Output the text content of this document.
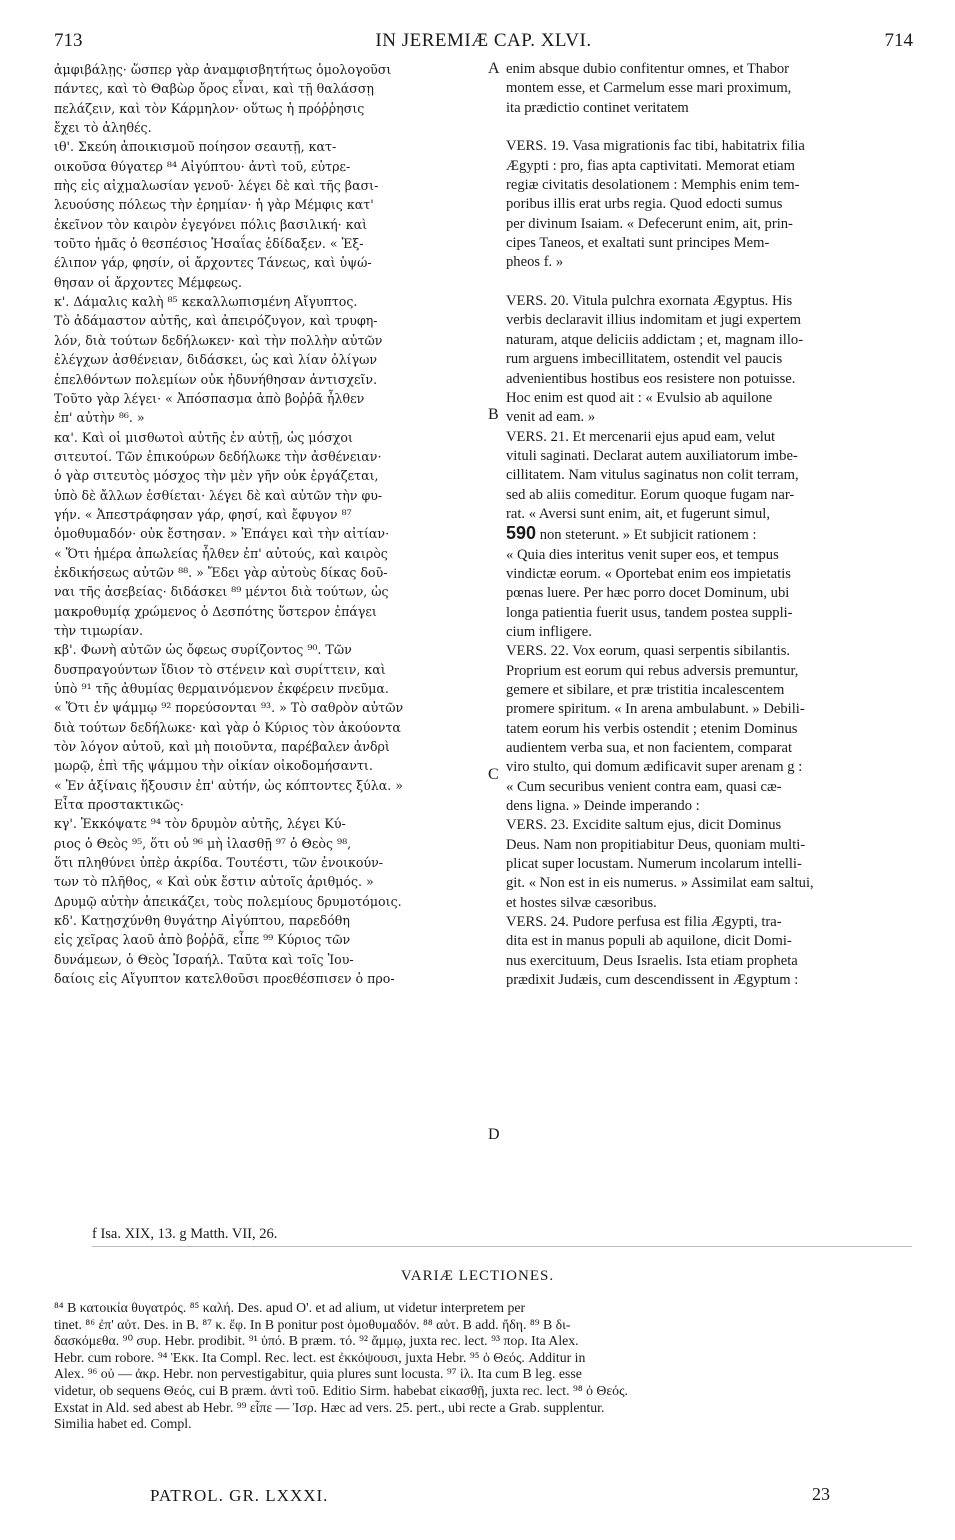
713	IN JEREMIÆ CAP. XLVI.	714

ἀμφιβάλῃς· ὥσπερ γὰρ ἀναμφισβητήτως ὁμολογοῦσι

πάντες, καὶ τὸ Θαβὼρ ὄρος εἶναι, καὶ τῇ θαλάσσῃ

πελάζειν, καὶ τὸν Κάρμηλον· οὕτως ἡ πρόῤῥησις

ἔχει τὸ ἀληθές.

ιθ'. Σκεύη ἀποικισμοῦ ποίησον σεαυτῇ, κατ-

οικοῦσα θύγατερ ⁸⁴ Αἰγύπτου· ἀντὶ τοῦ, εὐτρε-

πὴς εἰς αἰχμαλωσίαν γενοῦ· λέγει δὲ καὶ τῆς βασι-

λευούσης πόλεως τὴν ἐρημίαν· ἡ γὰρ Μέμφις κατ'

ἐκεῖνον τὸν καιρὸν ἐγεγόνει πόλις βασιλική· καὶ

τοῦτο ἡμᾶς ὁ θεσπέσιος Ἡσαΐας ἐδίδαξεν. « Ἐξ-

έλιπον γάρ, φησίν, οἱ ἄρχοντες Τάνεως, καὶ ὑψώ-

θησαν οἱ ἄρχοντες Μέμφεως.

κ'. Δάμαλις καλὴ ⁸⁵ κεκαλλωπισμένη Αἴγυπτος.

Τὸ ἀδάμαστον αὐτῆς, καὶ ἀπειρόζυγον, καὶ τρυφη-

λόν, διὰ τούτων δεδήλωκεν· καὶ τὴν πολλὴν αὐτῶν

ἐλέγχων ἀσθένειαν, διδάσκει, ὡς καὶ λίαν ὀλίγων

ἐπελθόντων πολεμίων οὐκ ἠδυνήθησαν ἀντισχεῖν.

Τοῦτο γὰρ λέγει· « Ἀπόσπασμα ἀπὸ βοῤῥᾶ ἦλθεν

ἐπ' αὐτὴν ⁸⁶. »

κα'. Καὶ οἱ μισθωτοὶ αὐτῆς ἐν αὐτῇ, ὡς μόσχοι

σιτευτοί. Τῶν ἐπικούρων δεδήλωκε τὴν ἀσθένειαν·

ὁ γὰρ σιτευτὸς μόσχος τὴν μὲν γῆν οὐκ ἐργάζεται,

ὑπὸ δὲ ἄλλων ἐσθίεται· λέγει δὲ καὶ αὐτῶν τὴν φυ-

γήν. « Ἀπεστράφησαν γάρ, φησί, καὶ ἔφυγον ⁸⁷

ὁμοθυμαδόν· οὐκ ἔστησαν. » Ἐπάγει καὶ τὴν αἰτίαν·

« Ὅτι ἡμέρα ἀπωλείας ἦλθεν ἐπ' αὐτούς, καὶ καιρὸς

ἐκδικήσεως αὐτῶν ⁸⁸. » Ἔδει γὰρ αὐτοὺς δίκας δοῦ-

ναι τῆς ἀσεβείας· διδάσκει ⁸⁹ μέντοι διὰ τούτων, ὡς

μακροθυμίᾳ χρώμενος ὁ Δεσπότης ὕστερον ἐπάγει

τὴν τιμωρίαν.

κβ'. Φωνὴ αὐτῶν ὡς ὄφεως συρίζοντος ⁹⁰. Τῶν

δυσπραγούντων ἴδιον τὸ στένειν καὶ συρίττειν, καὶ

ὑπὸ ⁹¹ τῆς ἀθυμίας θερμαινόμενον ἐκφέρειν πνεῦμα.

« Ὅτι ἐν ψάμμῳ ⁹² πορεύσονται ⁹³. » Τὸ σαθρὸν αὐτῶν

διὰ τούτων δεδήλωκε· καὶ γὰρ ὁ Κύριος τὸν ἀκούοντα

τὸν λόγον αὐτοῦ, καὶ μὴ ποιοῦντα, παρέβαλεν ἀνδρὶ

μωρῷ, ἐπὶ τῆς ψάμμου τὴν οἰκίαν οἰκοδομήσαντι.

« Ἐν ἀξίναις ἥξουσιν ἐπ' αὐτήν, ὡς κόπτοντες ξύλα. »

Εἶτα προστακτικῶς·

κγ'. Ἐκκόψατε ⁹⁴ τὸν δρυμὸν αὐτῆς, λέγει Κύ-

ριος ὁ Θεὸς ⁹⁵, ὅτι οὐ ⁹⁶ μὴ ἱλασθῇ ⁹⁷ ὁ Θεὸς ⁹⁸,

ὅτι πληθύνει ὑπὲρ ἀκρίδα. Τουτέστι, τῶν ἐνοικούν-

των τὸ πλῆθος, « Καὶ οὐκ ἔστιν αὐτοῖς ἀριθμός. »

Δρυμῷ αὐτὴν ἀπεικάζει, τοὺς πολεμίους δρυμοτόμοις.

κδ'. Κατῃσχύνθη θυγάτηρ Αἰγύπτου, παρεδόθη

εἰς χεῖρας λαοῦ ἀπὸ βοῤῥᾶ, εἶπε ⁹⁹ Κύριος τῶν

δυνάμεων, ὁ Θεὸς Ἰσραήλ. Ταῦτα καὶ τοῖς Ἰου-

δαίοις εἰς Αἴγυπτον κατελθοῦσι προεθέσπισεν ὁ προ-

enim absque dubio confitentur omnes, et Thabor

montem esse, et Carmelum esse mari proximum,

ita prædictio continet veritatem

VERS. 19. Vasa migrationis fac tibi, habitatrix filia

Ægypti : pro, fias apta captivitati. Memorat etiam

regiæ civitatis desolationem : Memphis enim tem-

poribus illis erat urbs regia. Quod edocti sumus

per divinum Isaiam. « Defecerunt enim, ait, prin-

cipes Taneos, et exaltati sunt principes Mem-

pheos f. »

VERS. 20. Vitula pulchra exornata Ægyptus. His

verbis declaravit illius indomitam et jugi expertem

naturam, atque deliciis addictam ; et, magnam illo-

rum arguens imbecillitatem, ostendit vel paucis

advenientibus hostibus eos resistere non potuisse.

Hoc enim est quod ait : « Evulsio ab aquilone

venit ad eam. »

VERS. 21. Et mercenarii ejus apud eam, velut

vituli saginati. Declarat autem auxiliatorum imbe-

cillitatem. Nam vitulus saginatus non colit terram,

sed ab aliis comeditur. Eorum quoque fugam nar-

rat. « Aversi sunt enim, ait, et fugerunt simul,

590 non steterunt. » Et subjicit rationem :

« Quia dies interitus venit super eos, et tempus

vindictæ eorum. « Oportebat enim eos impietatis

pœnas luere. Per hæc porro docet Dominum, ubi

longa patientia fuerit usus, tandem postea suppli-

cium infligere.

VERS. 22. Vox eorum, quasi serpentis sibilantis.

Proprium est eorum qui rebus adversis premuntur,

gemere et sibilare, et præ tristitia incalescentem

promere spiritum. « In arena ambulabunt. » Debili-

tatem eorum his verbis ostendit ; etenim Dominus

audientem verba sua, et non facientem, comparat

viro stulto, qui domum ædificavit super arenam g :

« Cum securibus venient contra eam, quasi cæ-

dens ligna. » Deinde imperando :

VERS. 23. Excidite saltum ejus, dicit Dominus

Deus. Nam non propitiabitur Deus, quoniam multi-

plicat super locustam. Numerum incolarum intelli-

git. « Non est in eis numerus. » Assimilat eam saltui,

et hostes silvæ cæsoribus.

VERS. 24. Pudore perfusa est filia Ægypti, tra-

dita est in manus populi ab aquilone, dicit Domi-

nus exercituum, Deus Israelis. Ista etiam propheta

prædixit Judæis, cum descendissent in Ægyptum :

A
B
C
D
f Isa. XIX, 13. g Matth. VII, 26.
VARIÆ LECTIONES.

⁸⁴ B κατοικία θυγατρός. ⁸⁵ καλή. Des. apud O'. et ad alium, ut videtur interpretem per

tinet. ⁸⁶ ἐπ' αὐτ. Des. in B. ⁸⁷ κ. ἔφ. In B ponitur post ὁμοθυμαδόν. ⁸⁸ αὐτ. B add. ἤδη. ⁸⁹ B δι-

δασκόμεθα. ⁹⁰ συρ. Hebr. prodibit. ⁹¹ ὑπό. B præm. τό. ⁹² ἄμμῳ, juxta rec. lect. ⁹³ πορ. Ita Alex.

Hebr. cum robore. ⁹⁴ Ἐκκ. Ita Compl. Rec. lect. est ἐκκόψουσι, juxta Hebr. ⁹⁵ ὁ Θεός. Additur in

Alex. ⁹⁶ οὐ — ἀκρ. Hebr. non pervestigabitur, quia plures sunt locusta. ⁹⁷ ἱλ. Ita cum B leg. esse

videtur, ob sequens Θεός, cui B præm. ἀντὶ τοῦ. Editio Sirm. habebat εἰκασθῇ, juxta rec. lect. ⁹⁸ ὁ Θεός.

Exstat in Ald. sed abest ab Hebr. ⁹⁹ εἶπε — Ἰσρ. Hæc ad vers. 25. pert., ubi recte a Grab. supplentur.

Similia habet ed. Compl.

PATROL. GR. LXXXI.	23
